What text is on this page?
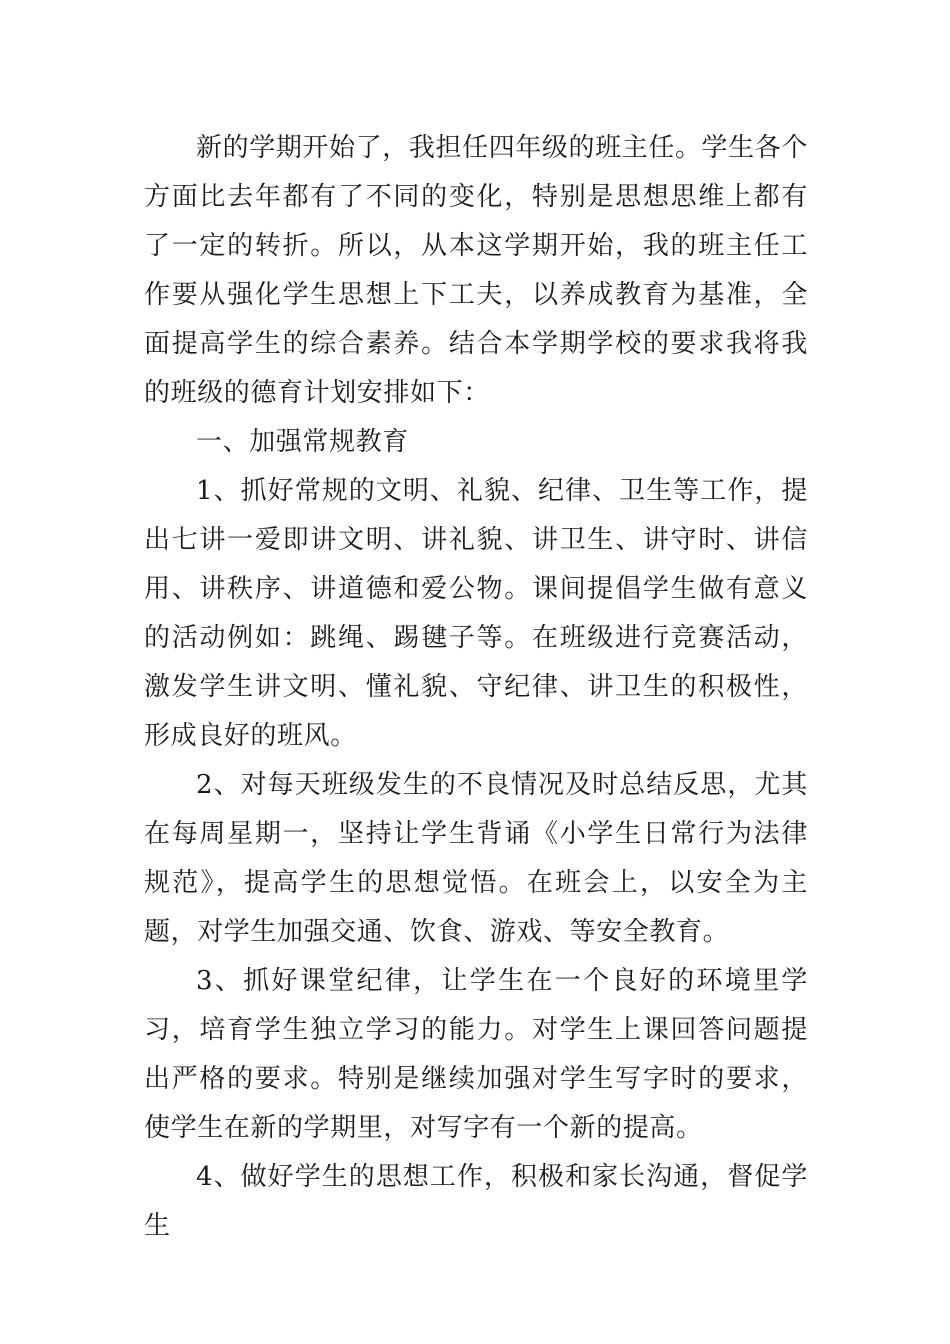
新的学期开始了，我担任四年级的班主任。学生各个方面比去年都有了不同的变化，特别是思想思维上都有了一定的转折。所以，从本这学期开始，我的班主任工作要从强化学生思想上下工夫，以养成教育为基准，全面提高学生的综合素养。结合本学期学校的要求我将我的班级的德育计划安排如下：

一、加强常规教育

1、抓好常规的文明、礼貌、纪律、卫生等工作，提出七讲一爱即讲文明、讲礼貌、讲卫生、讲守时、讲信用、讲秩序、讲道德和爱公物。课间提倡学生做有意义的活动例如：跳绳、踢毽子等。在班级进行竞赛活动，激发学生讲文明、懂礼貌、守纪律、讲卫生的积极性，形成良好的班风。

2、对每天班级发生的不良情况及时总结反思，尤其在每周星期一，坚持让学生背诵《小学生日常行为法律规范》，提高学生的思想觉悟。在班会上，以安全为主题，对学生加强交通、饮食、游戏、等安全教育。

3、抓好课堂纪律，让学生在一个良好的环境里学习，培育学生独立学习的能力。对学生上课回答问题提出严格的要求。特别是继续加强对学生写字时的要求，使学生在新的学期里，对写字有一个新的提高。

4、做好学生的思想工作，积极和家长沟通，督促学生
